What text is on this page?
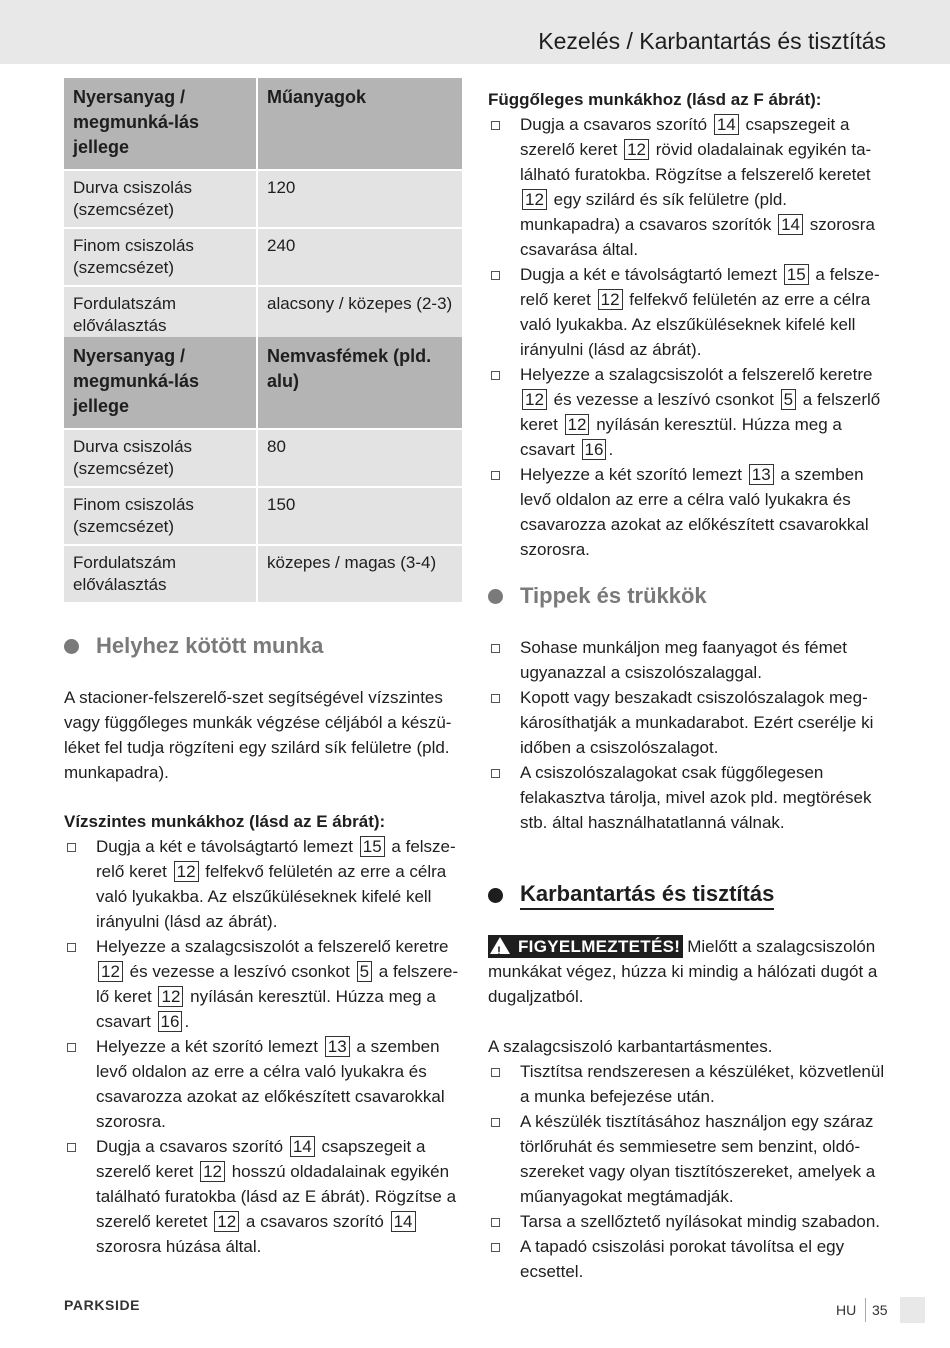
Kezelés / Karbantartás és tisztítás
Nyersanyag / megmunká-lás jellege	Műanyagok
Durva csiszolás (szemcsézet)	120
Finom csiszolás (szemcsézet)	240
Fordulatszám előválasztás	alacsony / közepes (2-3)
Nyersanyag / megmunká-lás jellege	Nemvasfémek (pld. alu)
Durva csiszolás (szemcsézet)	80
Finom csiszolás (szemcsézet)	150
Fordulatszám előválasztás	közepes / magas (3-4)
Helyhez kötött munka
A stacioner-felszerelő-szet segítségével vízszintes vagy függőleges munkák végzése céljából a készü-léket fel tudja rögzíteni egy szilárd sík felületre (pld. munkapadra).
Vízszintes munkákhoz (lásd az E ábrát):
Dugja a két e távolságtartó lemezt 15 a felsze-relő keret 12 felfekvő felületén az erre a célra való lyukakba. Az elszűküléseknek kifelé kell irányulni (lásd az ábrát).
Helyezze a szalagcsiszolót a felszerelő keretre 12 és vezesse a leszívó csonkot 5 a felszere-lő keret 12 nyílásán keresztül. Húzza meg a csavart 16 .
Helyezze a két szorító lemezt 13 a szemben levő oldalon az erre a célra való lyukakra és csavarozza azokat az előkészített csavarokkal szorosra.
Dugja a csavaros szorító 14 csapszegeit a szerelő keret 12 hosszú oldadalainak egyikén található furatokba (lásd az E ábrát). Rögzítse a szerelő keretet 12 a csavaros szorító 14 szorosra húzása által.
Függőleges munkákhoz (lásd az F ábrát):
Dugja a csavaros szorító 14 csapszegeit a szerelő keret 12 rövid oladalainak egyikén ta-lálható furatokba. Rögzítse a felszerelő keretet 12 egy szilárd és sík felületre (pld. munkapadra) a csavaros szorítók 14 szorosra csavarása által.
Dugja a két e távolságtartó lemezt 15 a felsze-relő keret 12 felfekvő felületén az erre a célra való lyukakba. Az elszűküléseknek kifelé kell irányulni (lásd az ábrát).
Helyezze a szalagcsiszolót a felszerelő keretre 12 és vezesse a leszívó csonkot 5 a felszerlő keret 12 nyílásán keresztül. Húzza meg a csavart 16 .
Helyezze a két szorító lemezt 13 a szemben levő oldalon az erre a célra való lyukakra és csavarozza azokat az előkészített csavarokkal szorosra.
Tippek és trükkök
Sohase munkáljon meg faanyagot és fémet ugyanazzal a csiszolószalaggal.
Kopott vagy beszakadt csiszolószalagok meg-károsíthatják a munkadarabot. Ezért cserélje ki időben a csiszolószalagot.
A csiszolószalagokat csak függőlegesen felakasztva tárolja, mivel azok pld. megtörések stb. által használhatatlanná válnak.
Karbantartás és tisztítás
!FIGYELMEZTETÉS! Mielőtt a szalagcsiszolón munkákat végez, húzza ki mindig a hálózati dugót a dugaljzatból.
A szalagcsiszoló karbantartásmentes.
Tisztítsa rendszeresen a készüléket, közvetlenül a munka befejezése után.
A készülék tisztításához használjon egy száraz törlőruhát és semmiesetre sem benzint, oldó-szereket vagy olyan tisztítószereket, amelyek a műanyagokat megtámadják.
Tarsa a szellőztető nyílásokat mindig szabadon.
A tapadó csiszolási porokat távolítsa el egy ecsettel.
PARKSIDE	HU 35
